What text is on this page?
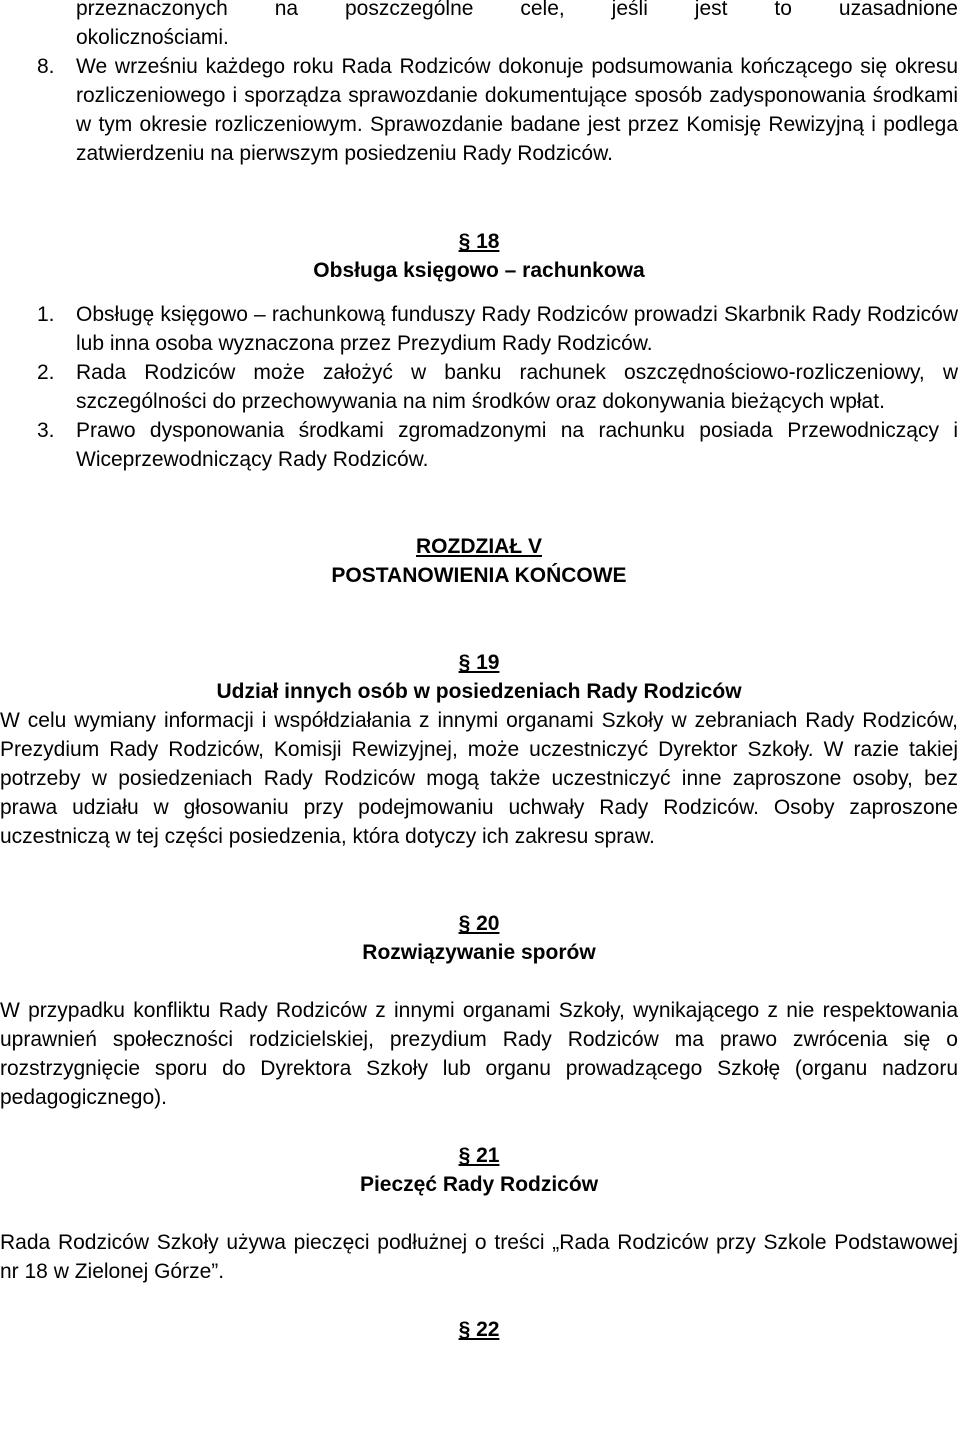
przeznaczonych na poszczególne cele, jeśli jest to uzasadnione

okolicznościami.

8. We wrześniu każdego roku Rada Rodziców dokonuje podsumowania kończącego się okresu rozliczeniowego i sporządza sprawozdanie dokumentujące sposób zadysponowania środkami w tym okresie rozliczeniowym. Sprawozdanie badane jest przez Komisję Rewizyjną i podlega zatwierdzeniu na pierwszym posiedzeniu Rady Rodziców.

§ 18

Obsługa księgowo – rachunkowa

1. Obsługę księgowo – rachunkową funduszy Rady Rodziców prowadzi Skarbnik Rady Rodziców lub inna osoba wyznaczona przez Prezydium Rady Rodziców.
2. Rada Rodziców może założyć w banku rachunek oszczędnościowo-rozliczeniowy, w szczególności do przechowywania na nim środków oraz dokonywania bieżących wpłat.
3. Prawo dysponowania środkami zgromadzonymi na rachunku posiada Przewodniczący i Wiceprzewodniczący Rady Rodziców.

ROZDZIAŁ V

POSTANOWIENIA KOŃCOWE

§ 19

Udział innych osób w posiedzeniach Rady Rodziców

W celu wymiany informacji i współdziałania z innymi organami Szkoły w zebraniach Rady Rodziców, Prezydium Rady Rodziców, Komisji Rewizyjnej, może uczestniczyć Dyrektor Szkoły. W razie takiej potrzeby w posiedzeniach Rady Rodziców mogą także uczestniczyć inne zaproszone osoby, bez prawa udziału w głosowaniu przy podejmowaniu uchwały Rady Rodziców. Osoby zaproszone uczestniczą w tej części posiedzenia, która dotyczy ich zakresu spraw.

§ 20

Rozwiązywanie sporów

W przypadku konfliktu Rady Rodziców z innymi organami Szkoły, wynikającego z nie respektowania uprawnień społeczności rodzicielskiej, prezydium Rady Rodziców ma prawo zwrócenia się o rozstrzygnięcie sporu do Dyrektora Szkoły lub organu prowadzącego Szkołę (organu nadzoru pedagogicznego).

§ 21

Pieczęć Rady Rodziców

Rada Rodziców Szkoły używa pieczęci podłużnej o treści „Rada Rodziców przy Szkole Podstawowej nr 18 w Zielonej Górze”.

§ 22
